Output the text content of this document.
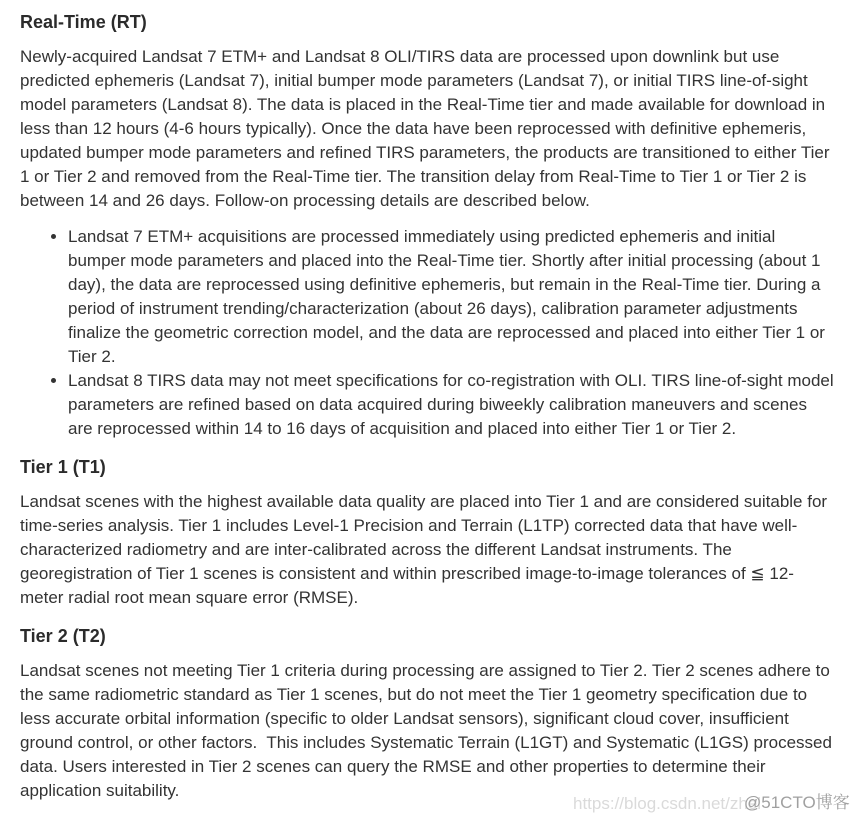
Real-Time (RT)

Newly-acquired Landsat 7 ETM+ and Landsat 8 OLI/TIRS data are processed upon downlink but use predicted ephemeris (Landsat 7), initial bumper mode parameters (Landsat 7), or initial TIRS line-of-sight model parameters (Landsat 8). The data is placed in the Real-Time tier and made available for download in less than 12 hours (4-6 hours typically). Once the data have been reprocessed with definitive ephemeris, updated bumper mode parameters and refined TIRS parameters, the products are transitioned to either Tier 1 or Tier 2 and removed from the Real-Time tier. The transition delay from Real-Time to Tier 1 or Tier 2 is between 14 and 26 days. Follow-on processing details are described below.

• Landsat 7 ETM+ acquisitions are processed immediately using predicted ephemeris and initial bumper mode parameters and placed into the Real-Time tier. Shortly after initial processing (about 1 day), the data are reprocessed using definitive ephemeris, but remain in the Real-Time tier. During a period of instrument trending/characterization (about 26 days), calibration parameter adjustments finalize the geometric correction model, and the data are reprocessed and placed into either Tier 1 or Tier 2.
• Landsat 8 TIRS data may not meet specifications for co-registration with OLI. TIRS line-of-sight model parameters are refined based on data acquired during biweekly calibration maneuvers and scenes are reprocessed within 14 to 16 days of acquisition and placed into either Tier 1 or Tier 2.
Tier 1 (T1)

Landsat scenes with the highest available data quality are placed into Tier 1 and are considered suitable for time-series analysis. Tier 1 includes Level-1 Precision and Terrain (L1TP) corrected data that have well-characterized radiometry and are inter-calibrated across the different Landsat instruments. The georegistration of Tier 1 scenes is consistent and within prescribed image-to-image tolerances of ≦ 12-meter radial root mean square error (RMSE).

Tier 2 (T2)

Landsat scenes not meeting Tier 1 criteria during processing are assigned to Tier 2. Tier 2 scenes adhere to the same radiometric standard as Tier 1 scenes, but do not meet the Tier 1 geometry specification due to less accurate orbital information (specific to older Landsat sensors), significant cloud cover, insufficient ground control, or other factors.  This includes Systematic Terrain (L1GT) and Systematic (L1GS) processed data. Users interested in Tier 2 scenes can query the RMSE and other properties to determine their application suitability.

https://blog.csdn.net/zhel
@51CTO博客
